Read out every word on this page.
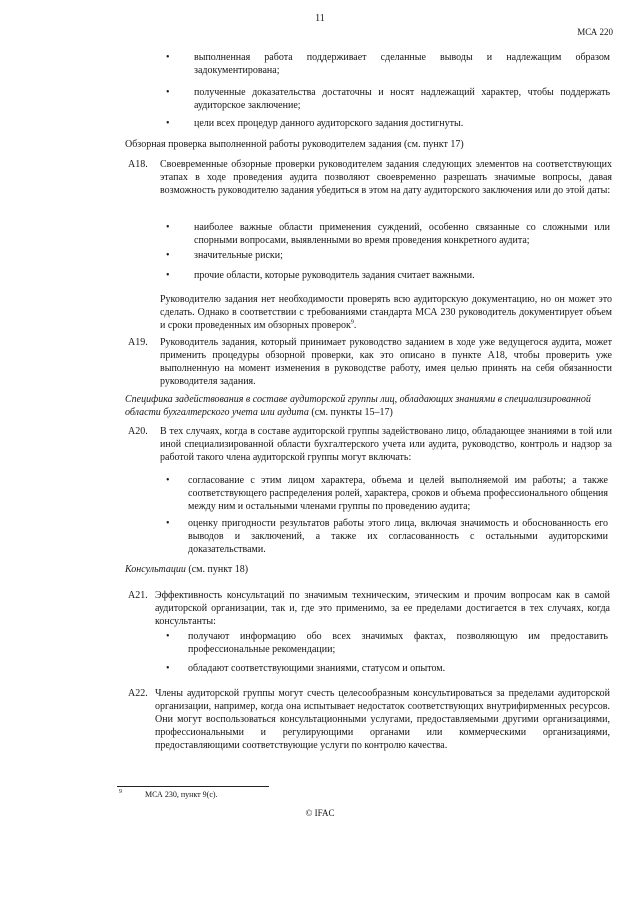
11
МСА 220
• выполненная работа поддерживает сделанные выводы и надлежащим образом задокументирована;
• полученные доказательства достаточны и носят надлежащий характер, чтобы поддержать аудиторское заключение;
• цели всех процедур данного аудиторского задания достигнуты.
Обзорная проверка выполненной работы руководителем задания (см. пункт 17)
A18. Своевременные обзорные проверки руководителем задания следующих элементов на соответствующих этапах в ходе проведения аудита позволяют своевременно разрешать значимые вопросы, давая возможность руководителю задания убедиться в этом на дату аудиторского заключения или до этой даты:
• наиболее важные области применения суждений, особенно связанные со сложными или спорными вопросами, выявленными во время проведения конкретного аудита;
• значительные риски;
• прочие области, которые руководитель задания считает важными.
Руководителю задания нет необходимости проверять всю аудиторскую документацию, но он может это сделать. Однако в соответствии с требованиями стандарта МСА 230 руководитель документирует объем и сроки проведенных им обзорных проверок$^9$.
A19. Руководитель задания, который принимает руководство заданием в ходе уже ведущегося аудита, может применить процедуры обзорной проверки, как это описано в пункте A18, чтобы проверить уже выполненную на момент изменения в руководстве работу, имея целью принять на себя обязанности руководителя задания.
Специфика задействования в составе аудиторской группы лиц, обладающих знаниями в специализированной области бухгалтерского учета или аудита (см. пункты 15–17)
A20. В тех случаях, когда в составе аудиторской группы задействовано лицо, обладающее знаниями в той или иной специализированной области бухгалтерского учета или аудита, руководство, контроль и надзор за работой такого члена аудиторской группы могут включать:
• согласование с этим лицом характера, объема и целей выполняемой им работы; а также соответствующего распределения ролей, характера, сроков и объема профессионального общения между ним и остальными членами группы по проведению аудита;
• оценку пригодности результатов работы этого лица, включая значимость и обоснованность его выводов и заключений, а также их согласованность с остальными аудиторскими доказательствами.
Консультации (см. пункт 18)
A21. Эффективность консультаций по значимым техническим, этическим и прочим вопросам как в самой аудиторской организации, так и, где это применимо, за ее пределами достигается в тех случаях, когда консультанты:
• получают информацию обо всех значимых фактах, позволяющую им предоставить профессиональные рекомендации;
• обладают соответствующими знаниями, статусом и опытом.
A22. Члены аудиторской группы могут счесть целесообразным консультироваться за пределами аудиторской организации, например, когда она испытывает недостаток соответствующих внутрифирменных ресурсов. Они могут воспользоваться консультационными услугами, предоставляемыми другими организациями, профессиональными и регулирующими органами или коммерческими организациями, предоставляющими соответствующие услуги по контролю качества.
9	МСА 230, пункт 9(c).
© IFAC
